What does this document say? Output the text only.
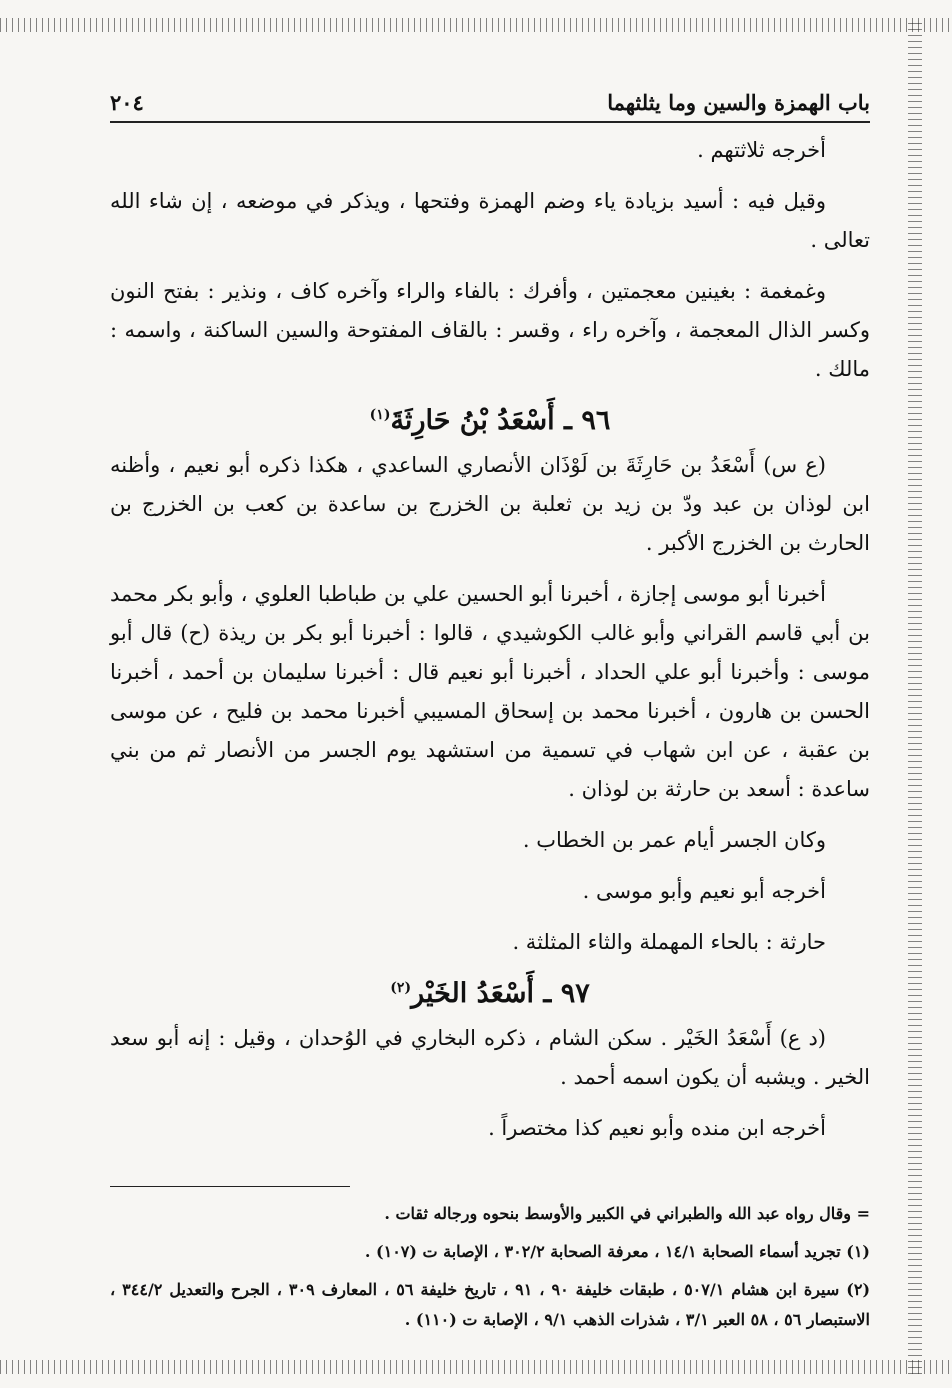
باب الهمزة والسين وما يثلثهما
٢٠٤
أخرجه ثلاثتهم .
وقيل فيه : أسيد بزيادة ياء وضم الهمزة وفتحها ، ويذكر في موضعه ، إن شاء الله تعالى .
وغمغمة : بغينين معجمتين ، وأفرك : بالفاء والراء وآخره كاف ، ونذير : بفتح النون وكسر الذال المعجمة ، وآخره راء ، وقسر : بالقاف المفتوحة والسين الساكنة ، واسمه : مالك .
٩٦ ـ أَسْعَدُ بْنُ حَارِثَةَ$^{(١)}$
(ع س) أَسْعَدُ بن حَارِثَةَ بن لَوْذَان الأنصاري الساعدي ، هكذا ذكره أبو نعيم ، وأظنه ابن لوذان بن عبد ودّ بن زيد بن ثعلبة بن الخزرج بن ساعدة بن كعب بن الخزرج بن الحارث بن الخزرج الأكبر .
أخبرنا أبو موسى إجازة ، أخبرنا أبو الحسين علي بن طباطبا العلوي ، وأبو بكر محمد بن أبي قاسم القراني وأبو غالب الكوشيدي ، قالوا : أخبرنا أبو بكر بن ريذة (ح) قال أبو موسى : وأخبرنا أبو علي الحداد ، أخبرنا أبو نعيم قال : أخبرنا سليمان بن أحمد ، أخبرنا الحسن بن هارون ، أخبرنا محمد بن إسحاق المسيبي أخبرنا محمد بن فليح ، عن موسى بن عقبة ، عن ابن شهاب في تسمية من استشهد يوم الجسر من الأنصار ثم من بني ساعدة : أسعد بن حارثة بن لوذان .
وكان الجسر أيام عمر بن الخطاب .
أخرجه أبو نعيم وأبو موسى .
حارثة : بالحاء المهملة والثاء المثلثة .
٩٧ ـ أَسْعَدُ الخَيْر$^{(٢)}$
(د ع) أَسْعَدُ الخَيْر . سكن الشام ، ذكره البخاري في الوُحدان ، وقيل : إنه أبو سعد الخير . ويشبه أن يكون اسمه أحمد .
أخرجه ابن منده وأبو نعيم كذا مختصراً .
= وقال رواه عبد الله والطبراني في الكبير والأوسط بنحوه ورجاله ثقات .
(١) تجريد أسماء الصحابة ١٤/١ ، معرفة الصحابة ٣٠٢/٢ ، الإصابة ت (١٠٧) .
(٢) سيرة ابن هشام ٥٠٧/١ ، طبقات خليفة ٩٠ ، ٩١ ، تاريخ خليفة ٥٦ ، المعارف ٣٠٩ ، الجرح والتعديل ٣٤٤/٢ ، الاستبصار ٥٦ ، ٥٨ العبر ٣/١ ، شذرات الذهب ٩/١ ، الإصابة ت (١١٠) .
